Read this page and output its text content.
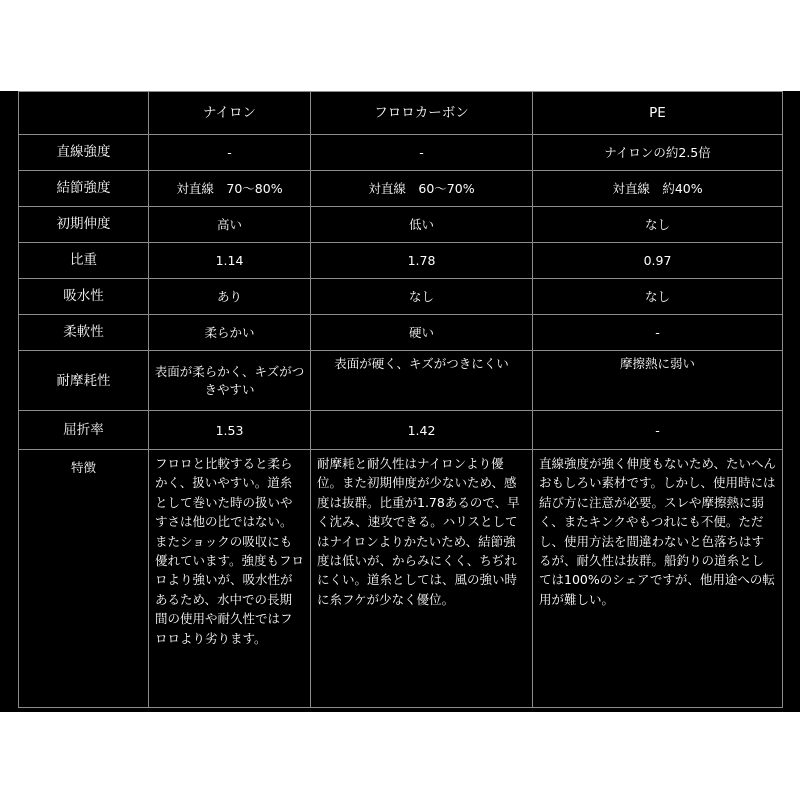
	ナイロン	フロロカーボン	PE
直線強度	-	-	ナイロンの約2.5倍
結節強度	対直線　70～80%	対直線　60～70%	対直線　約40%
初期伸度	高い	低い	なし
比重	1.14	1.78	0.97
吸水性	あり	なし	なし
柔軟性	柔らかい	硬い	-
耐摩耗性	表面が柔らかく、キズがつきやすい	表面が硬く、キズがつきにくい	摩擦熱に弱い
屈折率	1.53	1.42	-
特徴	フロロと比較すると柔らかく、扱いやすい。道糸として巻いた時の扱いやすさは他の比ではない。またショックの吸収にも優れています。強度もフロロより強いが、吸水性があるため、水中での長期間の使用や耐久性ではフロロより劣ります。	耐摩耗と耐久性はナイロンより優位。また初期伸度が少ないため、感度は抜群。比重が1.78あるので、早く沈み、速攻できる。ハリスとしてはナイロンよりかたいため、結節強度は低いが、からみにくく、ちぢれにくい。道糸としては、風の強い時に糸フケが少なく優位。	直線強度が強く伸度もないため、たいへんおもしろい素材です。しかし、使用時には結び方に注意が必要。スレや摩擦熱に弱く、またキンクやもつれにも不便。ただし、使用方法を間違わないと色落ちはするが、耐久性は抜群。船釣りの道糸としては100%のシェアですが、他用途への転用が難しい。
